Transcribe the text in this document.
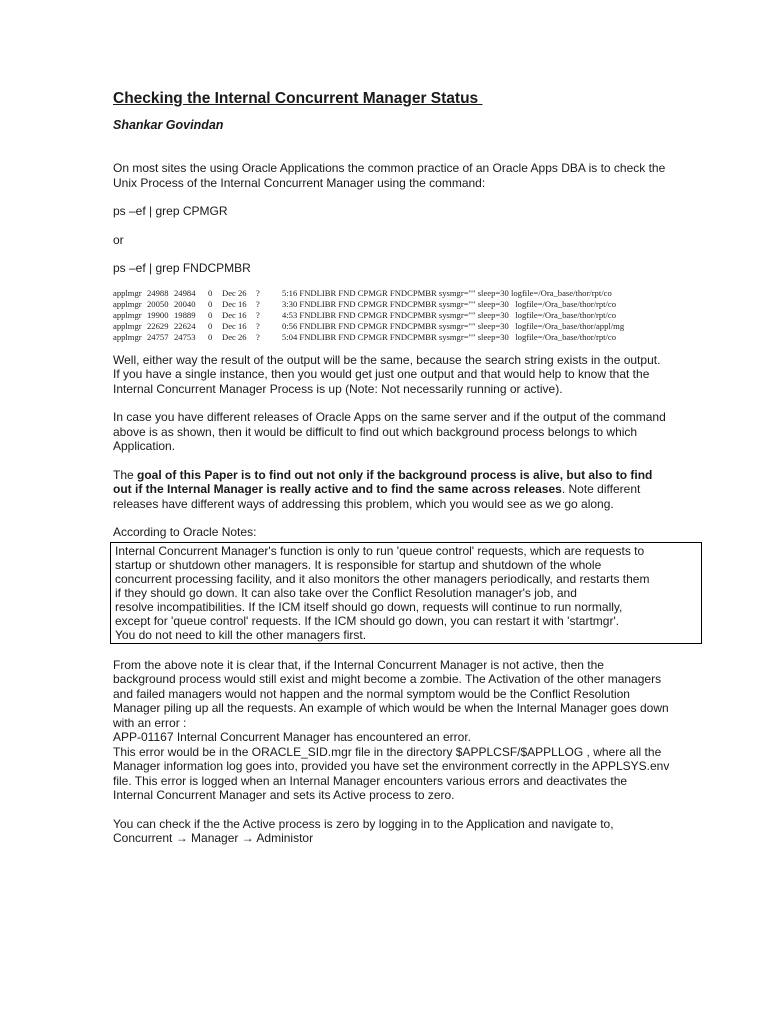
Checking the Internal Concurrent Manager Status
Shankar Govindan

On most sites the using Oracle Applications the common practice of an Oracle Apps DBA is to check the

Unix Process of the Internal Concurrent Manager using the command:

ps –ef | grep CPMGR

or

ps –ef | grep FNDCPMBR

applmgr 24988 24984 0 Dec 26 ?	5:16 FNDLIBR FND CPMGR FNDCPMBR sysmgr="" sleep=30 logfile=/Ora_base/thor/rpt/co
applmgr 20050 20040 0 Dec 16 ?	3:30 FNDLIBR FND CPMGR FNDCPMBR sysmgr="" sleep=30   logfile=/Ora_base/thor/rpt/co
applmgr 19900 19889 0 Dec 16 ?	4:53 FNDLIBR FND CPMGR FNDCPMBR sysmgr="" sleep=30   logfile=/Ora_base/thor/rpt/co
applmgr 22629 22624 0 Dec 16 ?	0:56 FNDLIBR FND CPMGR FNDCPMBR sysmgr="" sleep=30   logfile=/Ora_base/thor/appl/mg
applmgr 24757 24753 0 Dec 26 ?	5:04 FNDLIBR FND CPMGR FNDCPMBR sysmgr="" sleep=30   logfile=/Ora_base/thor/rpt/co

Well, either way the result of the output will be the same, because the search string exists in the output.

If you have a single instance, then you would get just one output and that would help to know that the

Internal Concurrent Manager Process is up (Note: Not necessarily running or active).

In case you have different releases of Oracle Apps on the same server and if the output of the command

above is as shown, then it would be difficult to find out which background process belongs to which

Application.

The goal of this Paper is to find out not only if the background process is alive, but also to find

out if the Internal Manager is really active and to find the same across releases. Note different

releases have different ways of addressing this problem, which you would see as we go along.

According to Oracle Notes:

Internal Concurrent Manager's function is only to run 'queue control' requests, which are requests to

startup or shutdown other managers. It is responsible for startup and shutdown of the whole

concurrent processing facility, and it also monitors the other managers periodically, and restarts them

if they should go down. It can also take over the Conflict Resolution manager's job, and

resolve incompatibilities. If the ICM itself should go down, requests will continue to run normally,

except for 'queue control' requests. If the ICM should go down, you can restart it with 'startmgr'.

You do not need to kill the other managers first.

From the above note it is clear that, if the Internal Concurrent Manager is not active, then the

background process would still exist and might become a zombie. The Activation of the other managers

and failed managers would not happen and the normal symptom would be the Conflict Resolution

Manager piling up all the requests. An example of which would be when the Internal Manager goes down

with an error :

APP-01167 Internal Concurrent Manager has encountered an error.

This error would be in the ORACLE_SID.mgr file in the directory $APPLCSF/$APPLLOG , where all the

Manager information log goes into, provided you have set the environment correctly in the APPLSYS.env

file. This error is logged when an Internal Manager encounters various errors and deactivates the

Internal Concurrent Manager and sets its Active process to zero.

You can check if the the Active process is zero by logging in to the Application and navigate to,

Concurrent → Manager → Administor
